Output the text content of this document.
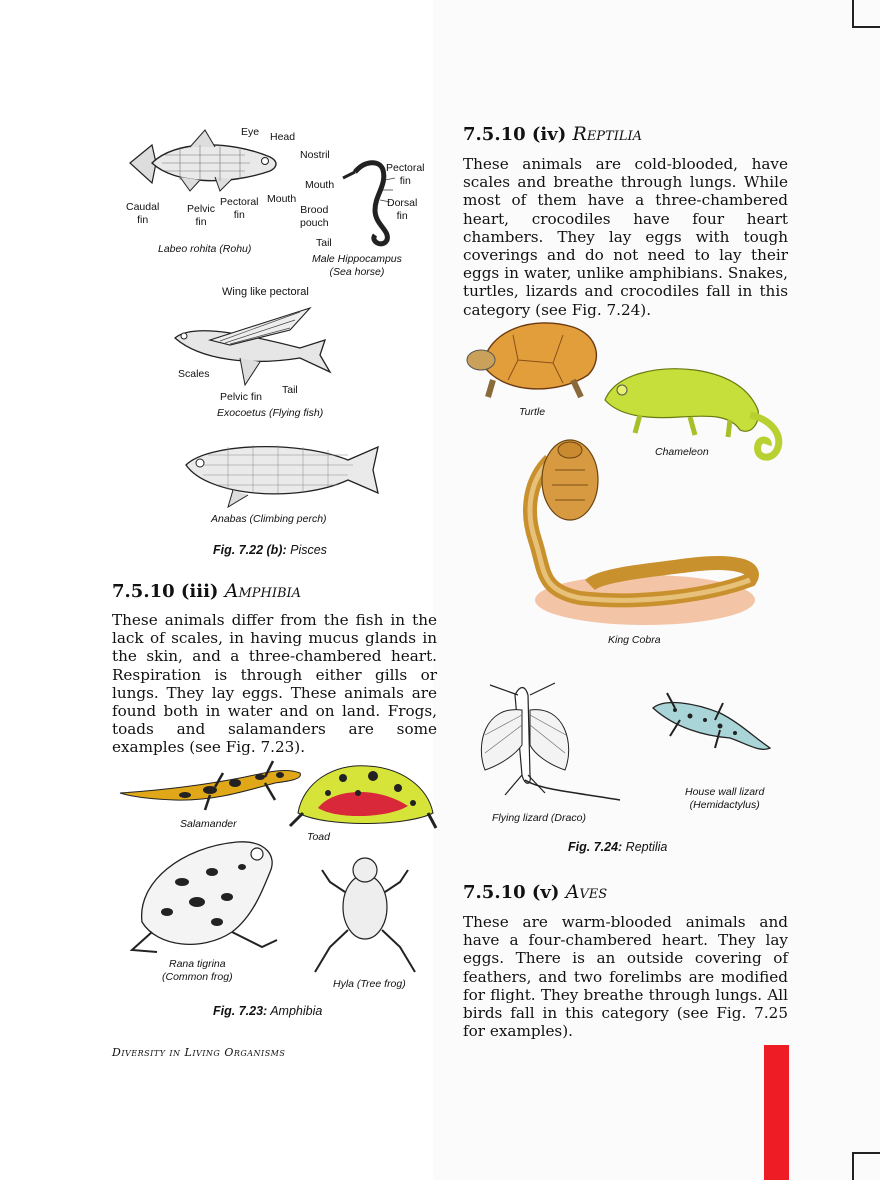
Eye Head
Nostril
Mouth
Caudal
fin
Pelvic
fin
Pectoral
fin
Labeo rohita (Rohu)
Mouth
Pectoral
fin
Brood
pouch
Dorsal
fin
Tail
Male Hippocampus
(Sea horse)
Wing like pectoral
Scales
Tail
Pelvic fin
Exocoetus (Flying fish)
Anabas (Climbing perch)
Fig. 7.22 (b): Pisces
7.5.10 (iii) Amphibia
These animals differ from the fish in the lack of scales, in having mucus glands in the skin, and a three-chambered heart. Respiration is through either gills or lungs. They lay eggs. These animals are found both in water and on land. Frogs, toads and salamanders are some examples (see Fig. 7.23).
Salamander
Toad
Rana tigrina
(Common frog)
Hyla (Tree frog)
Fig. 7.23: Amphibia
Diversity in Living Organisms
7.5.10 (iv) Reptilia
These animals are cold-blooded, have scales and breathe through lungs. While most of them have a three-chambered heart, crocodiles have four heart chambers. They lay eggs with tough coverings and do not need to lay their eggs in water, unlike amphibians. Snakes, turtles, lizards and crocodiles fall in this category (see Fig. 7.24).
Turtle
Chameleon
King Cobra
Flying lizard (Draco)
House wall lizard
(Hemidactylus)
Fig. 7.24: Reptilia
7.5.10 (v) Aves
These are warm-blooded animals and have a four-chambered heart. They lay eggs. There is an outside covering of feathers, and two forelimbs are modified for flight. They breathe through lungs. All birds fall in this category (see Fig. 7.25 for examples).
